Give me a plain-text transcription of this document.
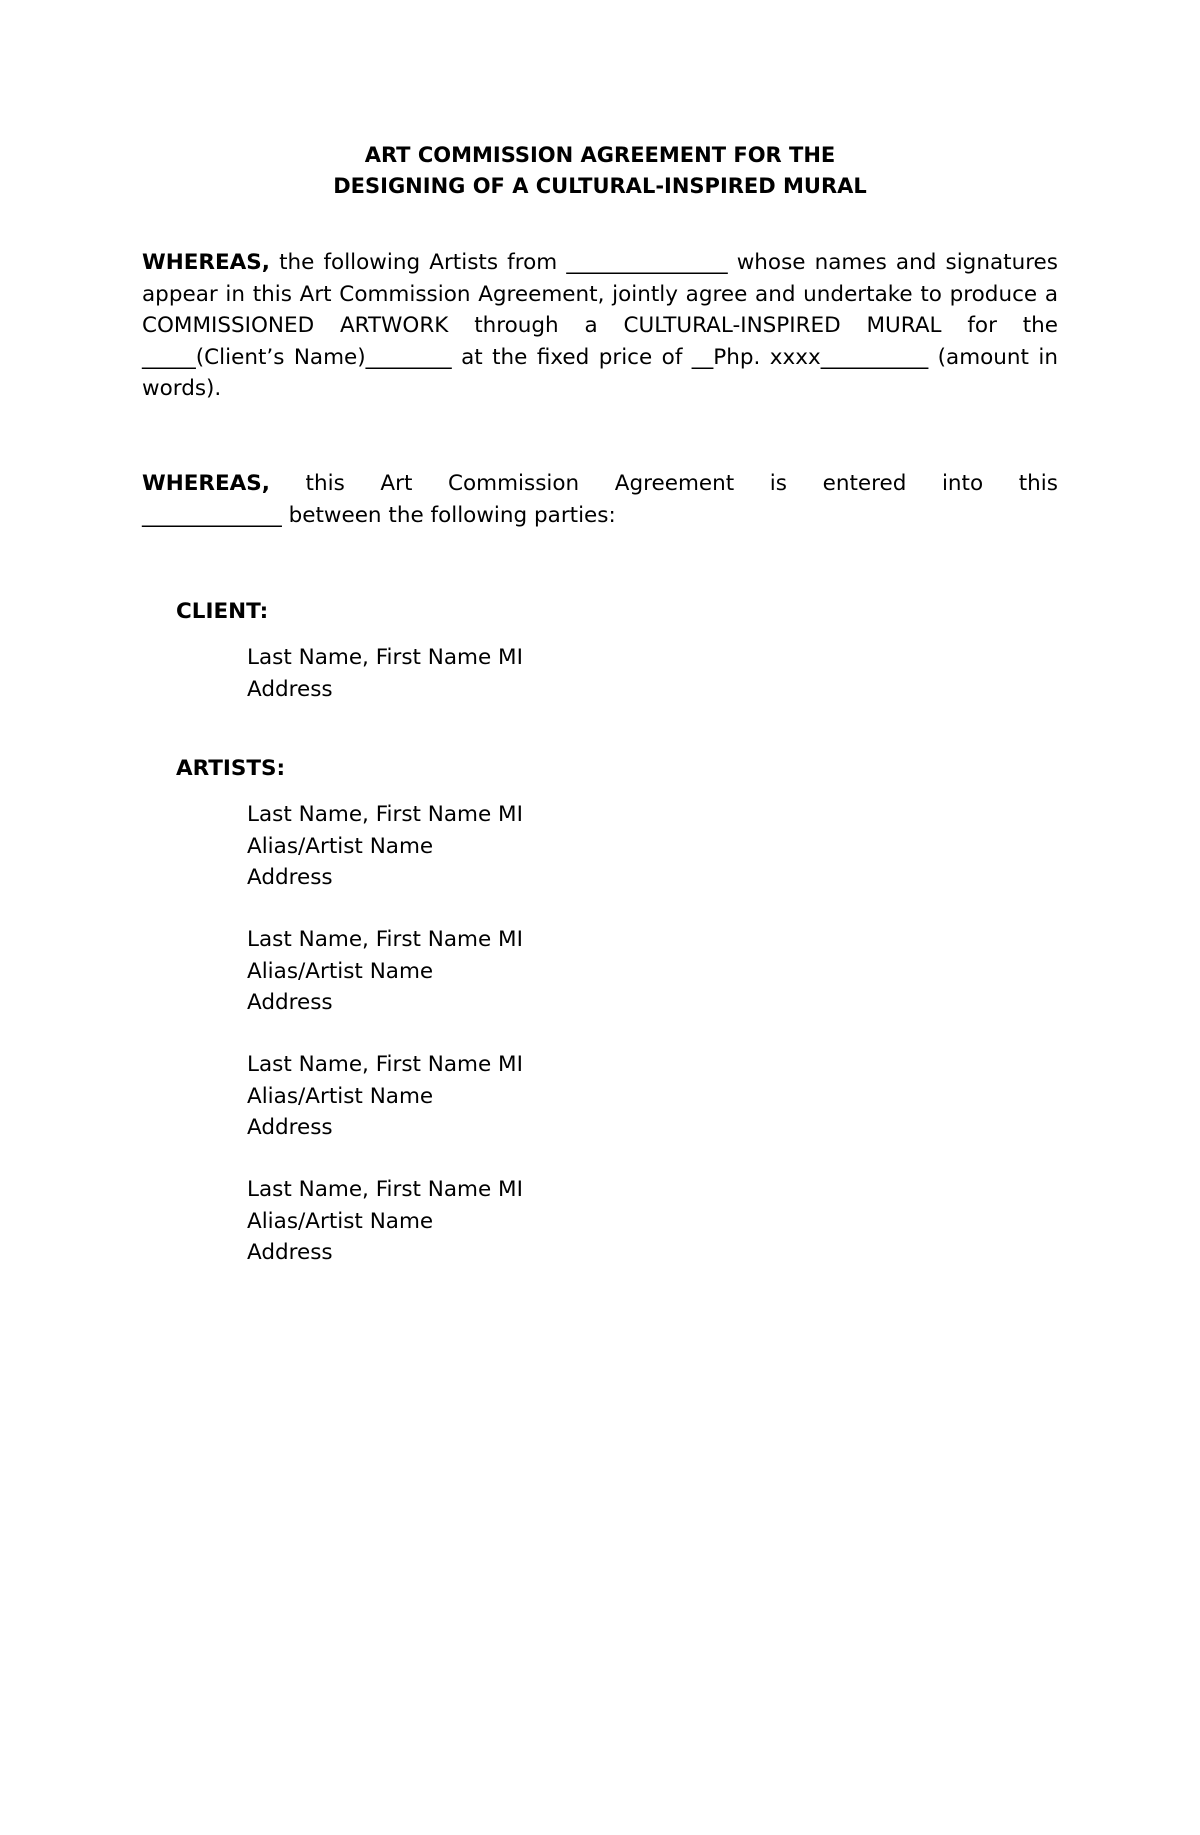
ART COMMISSION AGREEMENT FOR THE
DESIGNING OF A CULTURAL-INSPIRED MURAL
WHEREAS, the following Artists from _______________ whose names and signatures appear in this Art Commission Agreement, jointly agree and undertake to produce a COMMISSIONED ARTWORK through a CULTURAL-INSPIRED MURAL for the _____(Client’s Name)________ at the fixed price of __Php. xxxx__________ (amount in words).
WHEREAS, this Art Commission Agreement is entered into this
_____________ between the following parties:
CLIENT:
Last Name, First Name MI
Address
ARTISTS:
Last Name, First Name MI
Alias/Artist Name
Address
Last Name, First Name MI
Alias/Artist Name
Address
Last Name, First Name MI
Alias/Artist Name
Address
Last Name, First Name MI
Alias/Artist Name
Address
